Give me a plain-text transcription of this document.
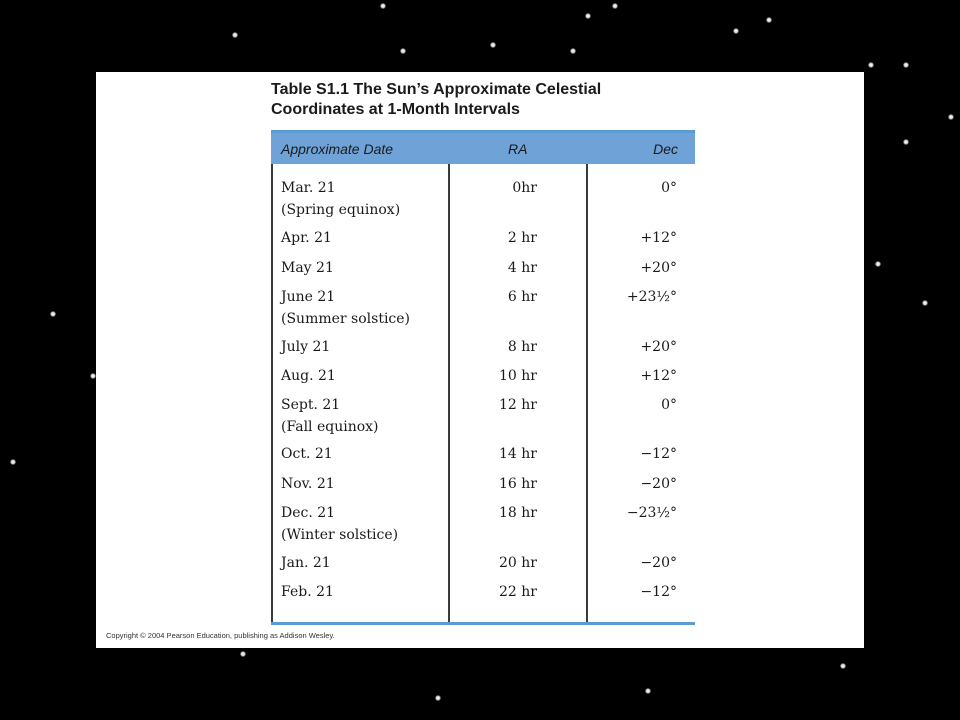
Table S1.1 The Sun’s Approximate Celestial
Coordinates at 1-Month Intervals
Approximate Date	RA	Dec
Mar. 21
(Spring equinox)
0hr	0°
Apr. 21	2 hr	+12°
May 21	4 hr	+20°
June 21
(Summer solstice)
6 hr	+23½°
July 21	8 hr	+20°
Aug. 21	10 hr	+12°
Sept. 21
(Fall equinox)
12 hr	0°
Oct. 21	14 hr	−12°
Nov. 21	16 hr	−20°
Dec. 21
(Winter solstice)
18 hr	−23½°
Jan. 21	20 hr	−20°
Feb. 21	22 hr	−12°
Copyright © 2004 Pearson Education, publishing as Addison Wesley.
